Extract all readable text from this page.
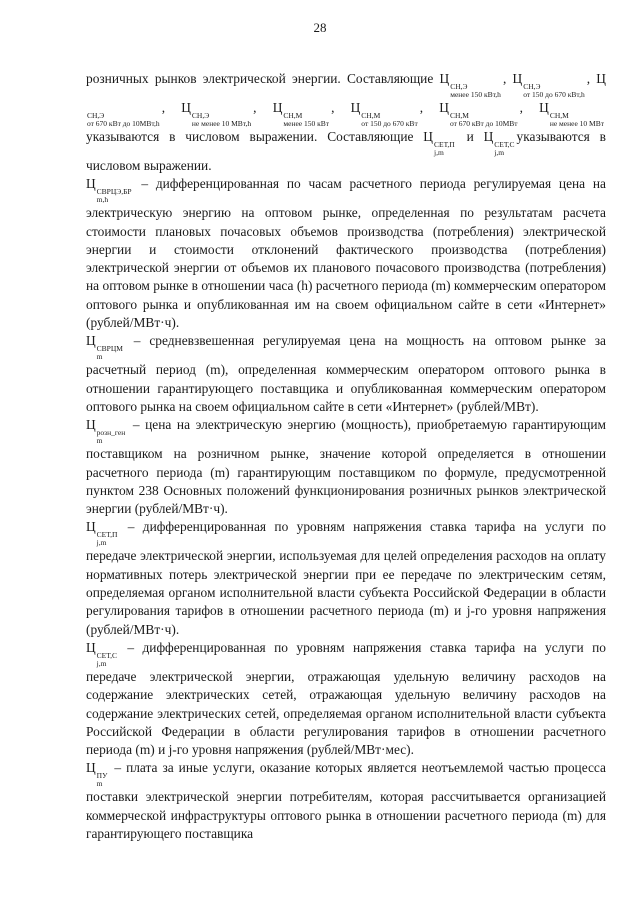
28

розничных рынков электрической энергии. Составляющие Ц
СН,Э
менее 150 кВт,h
, Ц
СН,Э
от 150 до 670 кВт,h
, Ц
СН,Э
от 670 кВт до 10МВт,h
, Ц
СН,Э
не менее 10 МВт,h
, Ц
СН,М
менее 150 кВт
, Ц
СН,М
от 150 до 670 кВт
, Ц
СН,М
от 670 кВт до 10МВт
, Ц
СН,М
не менее 10 МВт
указываются в числовом выражении. Составляющие Ц
СЕТ,П
j,m
и Ц
СЕТ,С
j,m
указываются в числовом выражении.

Ц
СВРЦЭ,БР
m,h
– дифференцированная по часам расчетного периода регулируемая цена на электрическую энергию на оптовом рынке, определенная по результатам расчета стоимости плановых почасовых объемов производства (потребления) электрической энергии и стоимости отклонений фактического производства (потребления) электрической энергии от объемов их планового почасового производства (потребления) на оптовом рынке в отношении часа (h) расчетного периода (m) коммерческим оператором оптового рынка и опубликованная им на своем официальном сайте в сети «Интернет» (рублей/МВт·ч).

Ц
СВРЦМ
m
– средневзвешенная регулируемая цена на мощность на оптовом рынке за расчетный период (m), определенная коммерческим оператором оптового рынка в отношении гарантирующего поставщика и опубликованная коммерческим оператором оптового рынка на своем официальном сайте в сети «Интернет» (рублей/МВт).

Ц
розн_ген
m
– цена на электрическую энергию (мощность), приобретаемую гарантирующим поставщиком на розничном рынке, значение которой определяется в отношении расчетного периода (m) гарантирующим поставщиком по формуле, предусмотренной пунктом 238 Основных положений функционирования розничных рынков электрической энергии (рублей/МВт·ч).

Ц
СЕТ,П
j,m
– дифференцированная по уровням напряжения ставка тарифа на услуги по передаче электрической энергии, используемая для целей определения расходов на оплату нормативных потерь электрической энергии при ее передаче по электрическим сетям, определяемая органом исполнительной власти субъекта Российской Федерации в области регулирования тарифов в отношении расчетного периода (m) и j-го уровня напряжения (рублей/МВт·ч).

Ц
СЕТ,С
j,m
– дифференцированная по уровням напряжения ставка тарифа на услуги по передаче электрической энергии, отражающая удельную величину расходов на содержание электрических сетей, отражающая удельную величину расходов на содержание электрических сетей, определяемая органом исполнительной власти субъекта Российской Федерации в области регулирования тарифов в отношении расчетного периода (m) и j-го уровня напряжения (рублей/МВт·мес).

Ц
ПУ
m
– плата за иные услуги, оказание которых является неотъемлемой частью процесса поставки электрической энергии потребителям, которая рассчитывается организацией коммерческой инфраструктуры оптового рынка в отношении расчетного периода (m) для гарантирующего поставщика
